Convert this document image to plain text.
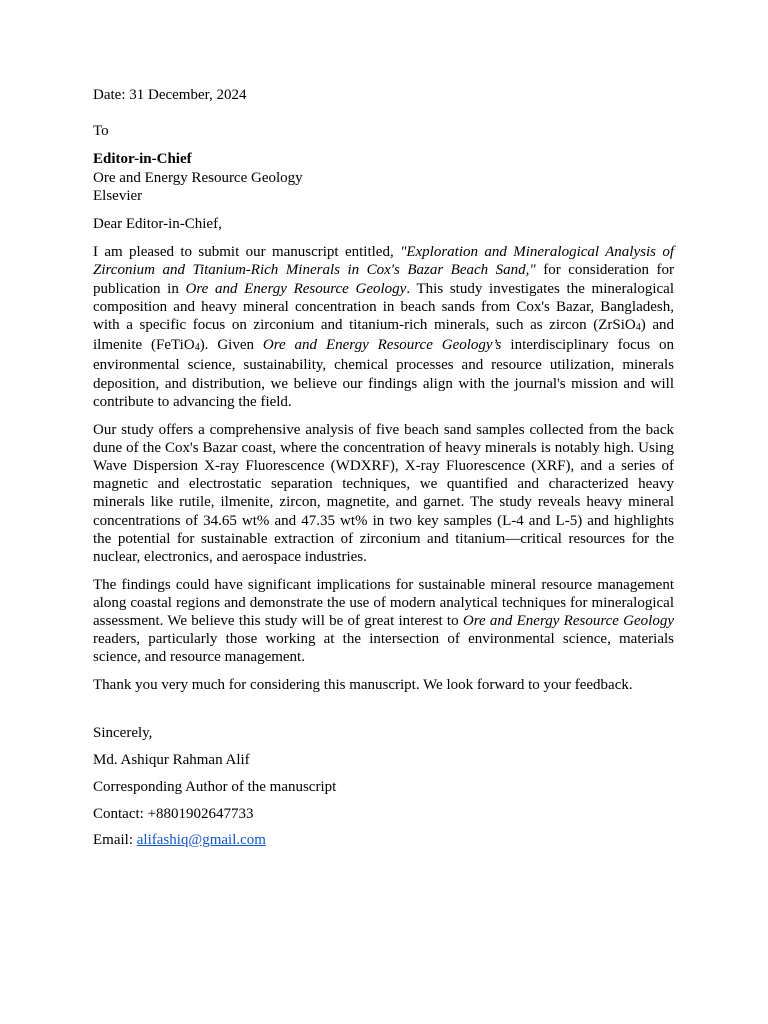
Date: 31 December, 2024

To

Editor-in-Chief

Ore and Energy Resource Geology

Elsevier

Dear Editor-in-Chief,

I am pleased to submit our manuscript entitled, "Exploration and Mineralogical Analysis of Zirconium and Titanium-Rich Minerals in Cox's Bazar Beach Sand," for consideration for publication in Ore and Energy Resource Geology. This study investigates the mineralogical composition and heavy mineral concentration in beach sands from Cox's Bazar, Bangladesh, with a specific focus on zirconium and titanium-rich minerals, such as zircon (ZrSiO$_4$) and ilmenite (FeTiO$_4$). Given Ore and Energy Resource Geology’s interdisciplinary focus on environmental science, sustainability, chemical processes and resource utilization, minerals deposition, and distribution, we believe our findings align with the journal's mission and will contribute to advancing the field.

Our study offers a comprehensive analysis of five beach sand samples collected from the back dune of the Cox's Bazar coast, where the concentration of heavy minerals is notably high. Using Wave Dispersion X-ray Fluorescence (WDXRF), X-ray Fluorescence (XRF), and a series of magnetic and electrostatic separation techniques, we quantified and characterized heavy minerals like rutile, ilmenite, zircon, magnetite, and garnet. The study reveals heavy mineral concentrations of 34.65 wt% and 47.35 wt% in two key samples (L-4 and L-5) and highlights the potential for sustainable extraction of zirconium and titanium—critical resources for the nuclear, electronics, and aerospace industries.

The findings could have significant implications for sustainable mineral resource management along coastal regions and demonstrate the use of modern analytical techniques for mineralogical assessment. We believe this study will be of great interest to Ore and Energy Resource Geology readers, particularly those working at the intersection of environmental science, materials science, and resource management.

Thank you very much for considering this manuscript. We look forward to your feedback.

Sincerely,

Md. Ashiqur Rahman Alif

Corresponding Author of the manuscript

Contact: +8801902647733

Email: alifashiq@gmail.com
